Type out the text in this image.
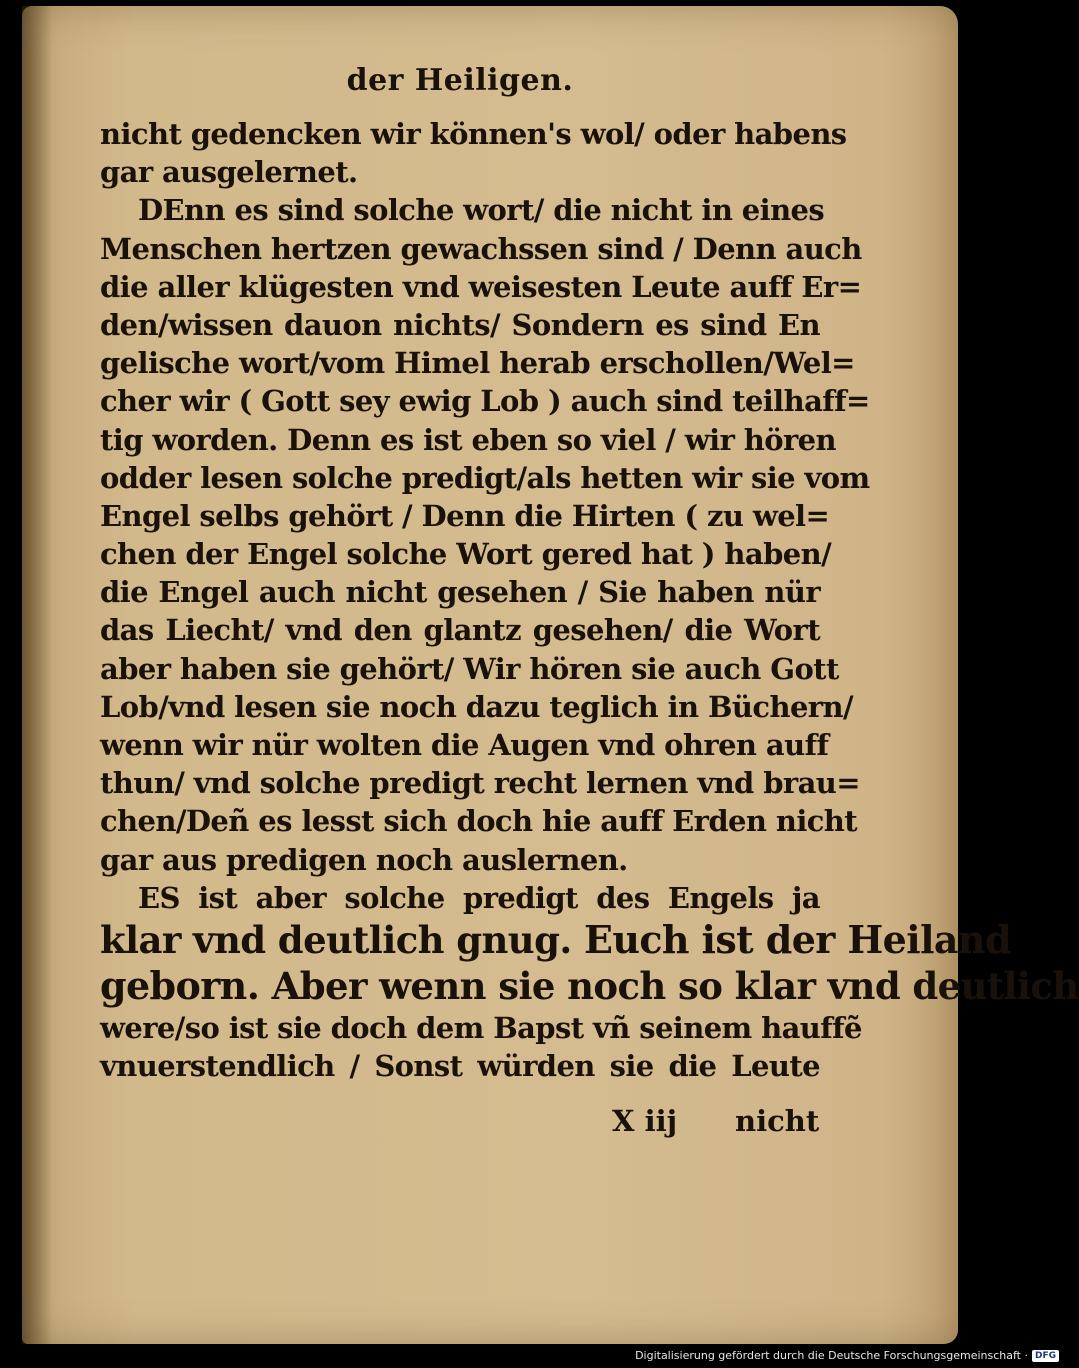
der Heiligen.
nicht gedencken wir können's wol/ oder habens
gar ausgelernet.
DEnn es sind solche wort/ die nicht in eines
Menschen hertzen gewachssen sind / Denn auch
die aller klügesten vnd weisesten Leute auff Er=
den/wissen dauon nichts/ Sondern es sind En
gelische wort/vom Himel herab erschollen/Wel=
cher wir ( Gott sey ewig Lob ) auch sind teilhaff=
tig worden. Denn es ist eben so viel / wir hören
odder lesen solche predigt/als hetten wir sie vom
Engel selbs gehört / Denn die Hirten ( zu wel=
chen der Engel solche Wort gered hat ) haben/
die Engel auch nicht gesehen / Sie haben nür
das Liecht/ vnd den glantz gesehen/ die Wort
aber haben sie gehört/ Wir hören sie auch Gott
Lob/vnd lesen sie noch dazu teglich in Büchern/
wenn wir nür wolten die Augen vnd ohren auff
thun/ vnd solche predigt recht lernen vnd brau=
chen/Deñ es lesst sich doch hie auff Erden nicht
gar aus predigen noch auslernen.
ES ist aber solche predigt des Engels ja
klar vnd deutlich gnug. Euch ist der Heiland
geborn. Aber wenn sie noch so klar vnd deutlich
were/so ist sie doch dem Bapst vñ seinem hauffẽ
vnuerstendlich / Sonst würden sie die Leute
X iij nicht
Digitalisierung gefördert durch die Deutsche Forschungsgemeinschaft · DFG
